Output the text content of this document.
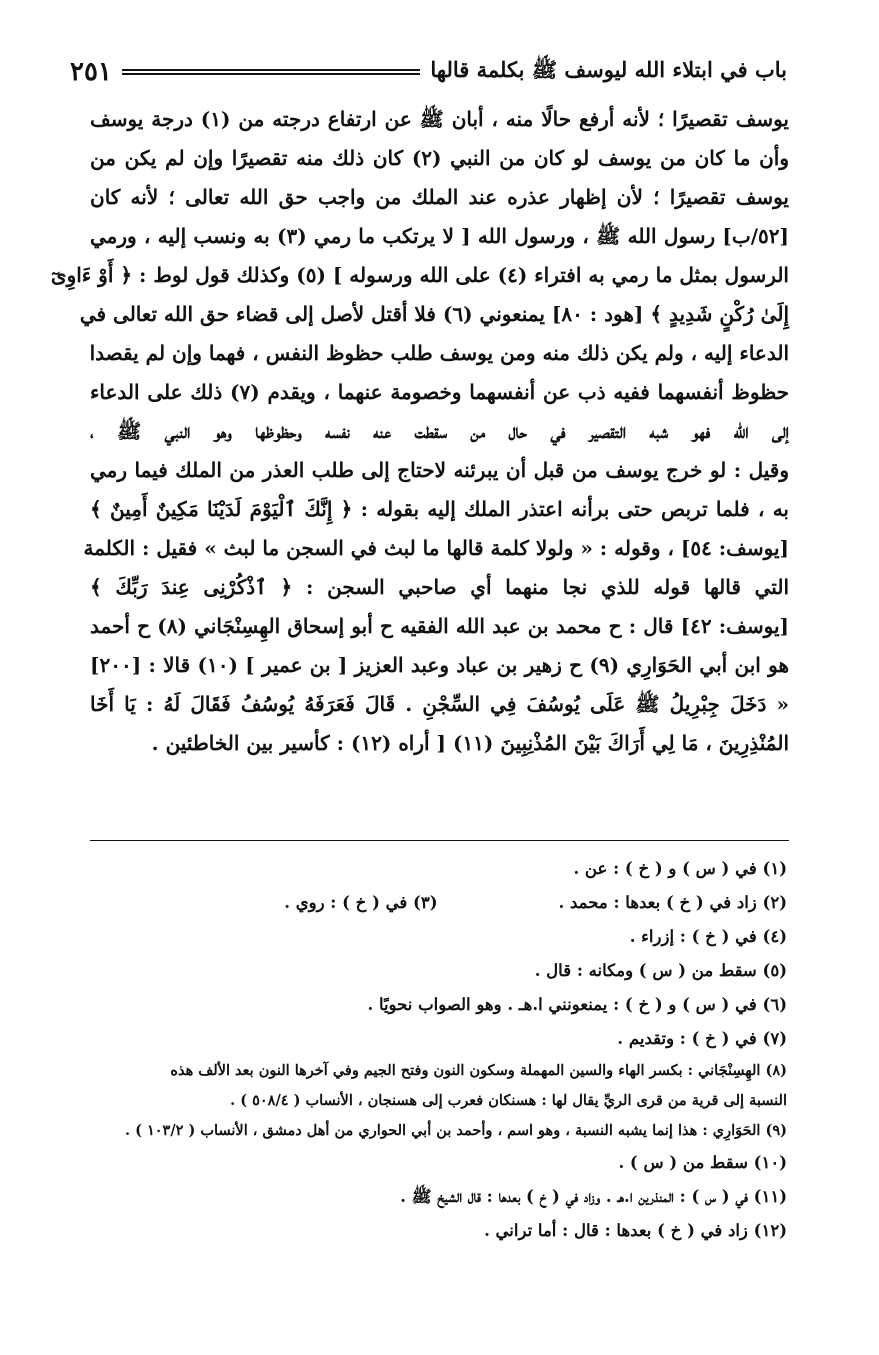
باب في ابتلاء الله ليوسف ﷺ بكلمة قالها
٢٥١
يوسف تقصيرًا ؛ لأنه أرفع حالًا منه ، أبان ﷺ عن ارتفاع درجته من (١) درجة يوسف
وأن ما كان من يوسف لو كان من النبي (٢) كان ذلك منه تقصيرًا وإن لم يكن من
يوسف تقصيرًا ؛ لأن إظهار عذره عند الملك من واجب حق الله تعالى ؛ لأنه كان
[٥٢/ب] رسول الله ﷺ ، ورسول الله [ لا يرتكب ما رمي (٣) به ونسب إليه ، ورمي
الرسول بمثل ما رمي به افتراء (٤) على الله ورسوله ] (٥) وكذلك قول لوط : ﴿ أَوْ ءَاوِىٓ
إِلَىٰ رُكْنٍ شَدِيدٍ ﴾ [هود : ٨٠] يمنعوني (٦) فلا أقتل لأصل إلى قضاء حق الله تعالى في
الدعاء إليه ، ولم يكن ذلك منه ومن يوسف طلب حظوظ النفس ، فهما وإن لم يقصدا
حظوظ أنفسهما ففيه ذب عن أنفسهما وخصومة عنهما ، ويقدم (٧) ذلك على الدعاء
إلى الله فهو شبه التقصير في حال من سقطت عنه نفسه وحظوظها وهو النبي ﷺ ،
وقيل : لو خرج يوسف من قبل أن يبرئنه لاحتاج إلى طلب العذر من الملك فيما رمي
به ، فلما تربص حتى برأنه اعتذر الملك إليه بقوله : ﴿ إِنَّكَ ٱلْيَوْمَ لَدَيْنَا مَكِينٌ أَمِينٌ ﴾
[يوسف: ٥٤] ، وقوله : « ولولا كلمة قالها ما لبث في السجن ما لبث » فقيل : الكلمة
التي قالها قوله للذي نجا منهما أي صاحبي السجن : ﴿ ٱذْكُرْنِى عِندَ رَبِّكَ ﴾
[يوسف: ٤٢] قال : ح محمد بن عبد الله الفقيه ح أبو إسحاق الهِسِنْجَاني (٨) ح أحمد
هو ابن أبي الحَوَارِي (٩) ح زهير بن عباد وعبد العزيز [ بن عمير ] (١٠) قالا : [٢٠٠]
« دَخَلَ جِبْرِيلُ ﷺ عَلَى يُوسُفَ فِي السِّجْنِ . قَالَ فَعَرَفَهُ يُوسُفُ فَقَالَ لَهُ : يَا أَخَا
المُنْذِرِينَ ، مَا لِي أَرَاكَ بَيْنَ المُذْنِبِينَ (١١) [ أراه (١٢) : كأسير بين الخاطئين .
(١) في ( س ) و ( خ ) : عن .
(٢) زاد في ( خ ) بعدها : محمد .
(٣) في ( خ ) : روي .
(٤) في ( خ ) : إزراء .
(٥) سقط من ( س ) ومكانه : قال .
(٦) في ( س ) و ( خ ) : يمنعونني ا.هـ . وهو الصواب نحويًا .
(٧) في ( خ ) : وتقديم .
(٨) الهِسِنْجَاني : بكسر الهاء والسين المهملة وسكون النون وفتح الجيم وفي آخرها النون بعد الألف هذه
النسبة إلى قرية من قرى الريِّ يقال لها : هسنكان فعرب إلى هسنجان ، الأنساب ( ٥٠٨/٤ ) .
(٩) الحَوَارِي : هذا إنما يشبه النسبة ، وهو اسم ، وأحمد بن أبي الحواري من أهل دمشق ، الأنساب ( ١٠٣/٢ ) .
(١٠) سقط من ( س ) .
(١١) في ( س ) : المنذرين ا.هـ . وزاد في ( خ ) بعدها : قال الشيخ ﷺ .
(١٢) زاد في ( خ ) بعدها : قال : أما تراني .
